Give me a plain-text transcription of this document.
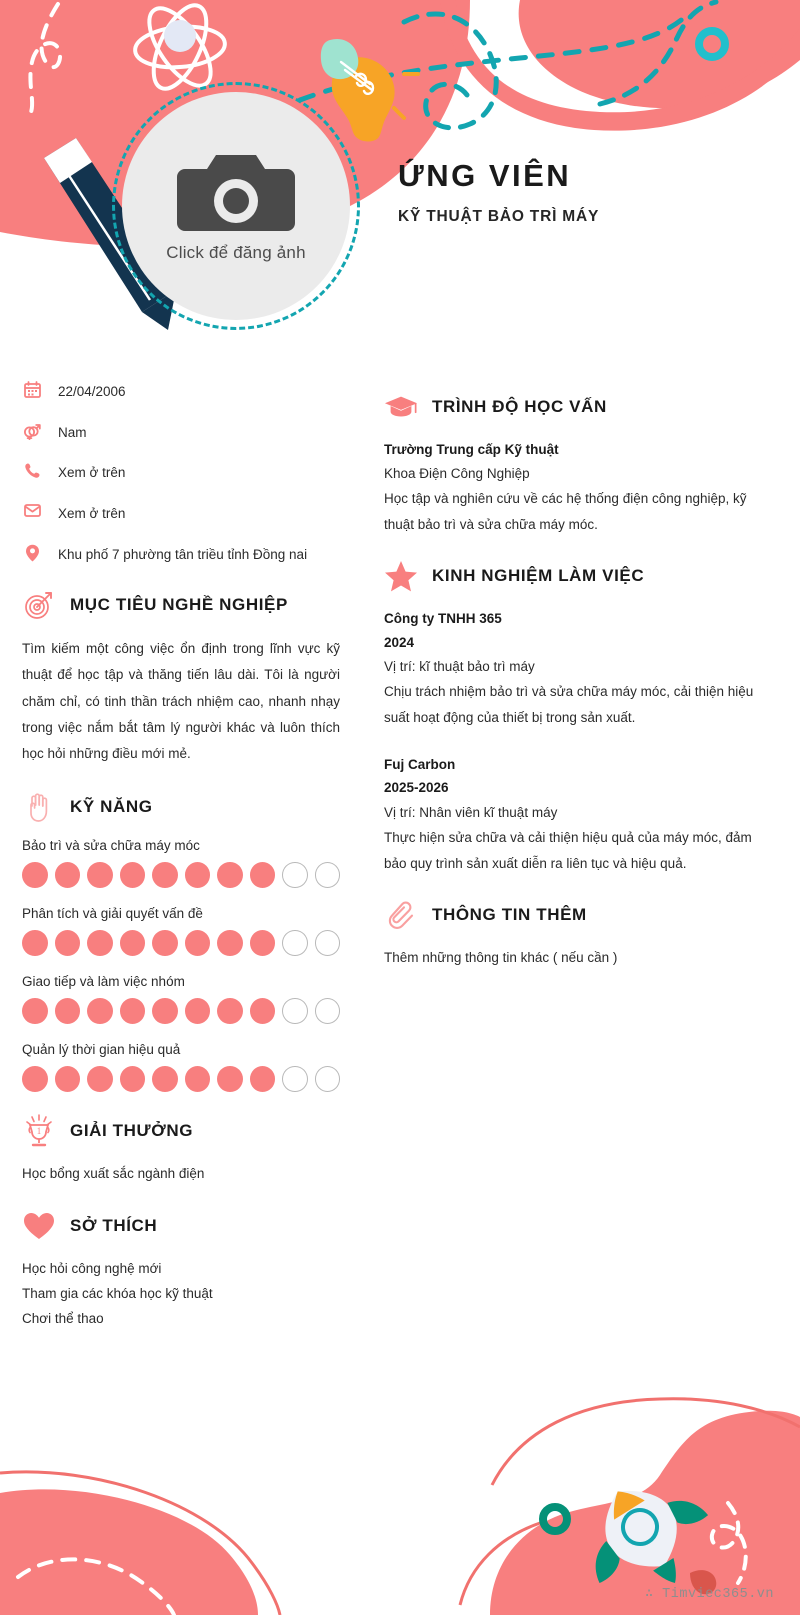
Click để đăng ảnh
ỨNG VIÊN
KỸ THUẬT BẢO TRÌ MÁY
22/04/2006
Nam
Xem ở trên
Xem ở trên
Khu phố 7 phường tân triều tỉnh Đồng nai
MỤC TIÊU NGHỀ NGHIỆP
Tìm kiếm một công việc ổn định trong lĩnh vực kỹ thuật để học tập và thăng tiến lâu dài. Tôi là người chăm chỉ, có tinh thần trách nhiệm cao, nhanh nhạy trong việc nắm bắt tâm lý người khác và luôn thích học hỏi những điều mới mẻ.
KỸ NĂNG
Bảo trì và sửa chữa máy móc
Phân tích và giải quyết vấn đề
Giao tiếp và làm việc nhóm
Quản lý thời gian hiệu quả
1 GIẢI THƯỞNG
Học bổng xuất sắc ngành điện
SỞ THÍCH
Học hỏi công nghệ mới
Tham gia các khóa học kỹ thuật
Chơi thể thao
TRÌNH ĐỘ HỌC VẤN
Trường Trung cấp Kỹ thuật
Khoa Điện Công Nghiệp
Học tập và nghiên cứu về các hệ thống điện công nghiệp, kỹ thuật bảo trì và sửa chữa máy móc.
KINH NGHIỆM LÀM VIỆC
Công ty TNHH 365
2024
Vị trí: kĩ thuật bảo trì máy
Chịu trách nhiệm bảo trì và sửa chữa máy móc, cải thiện hiệu suất hoạt động của thiết bị trong sản xuất.
Fuj Carbon
2025-2026
Vị trí: Nhân viên kĩ thuật máy
Thực hiện sửa chữa và cải thiện hiệu quả của máy móc, đảm bảo quy trình sản xuất diễn ra liên tục và hiệu quả.
THÔNG TIN THÊM
Thêm những thông tin khác ( nếu cần )
∴ Timviec365.vn
